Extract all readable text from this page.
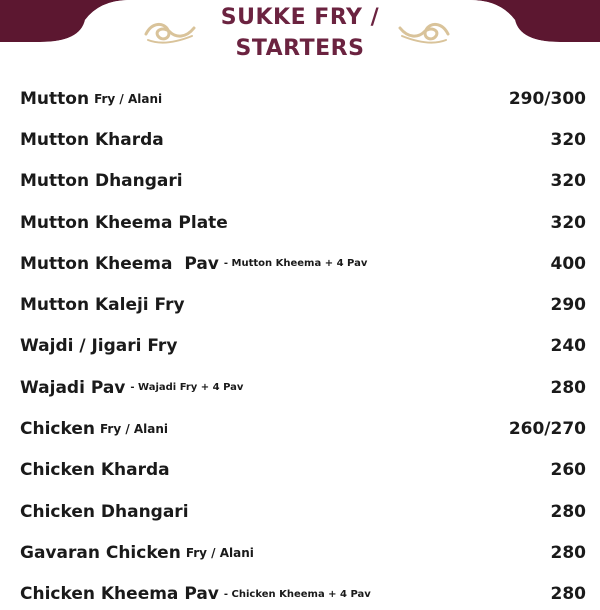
SUKKE FRY /
STARTERS
Mutton Fry / Alani	290/300
Mutton Kharda	320
Mutton Dhangari	320
Mutton Kheema Plate	320
Mutton Kheema  Pav - Mutton Kheema + 4 Pav	400
Mutton Kaleji Fry	290
Wajdi / Jigari Fry	240
Wajadi Pav - Wajadi Fry + 4 Pav	280
Chicken Fry / Alani	260/270
Chicken Kharda	260
Chicken Dhangari	280
Gavaran Chicken Fry / Alani	280
Chicken Kheema Pav - Chicken Kheema + 4 Pav	280
